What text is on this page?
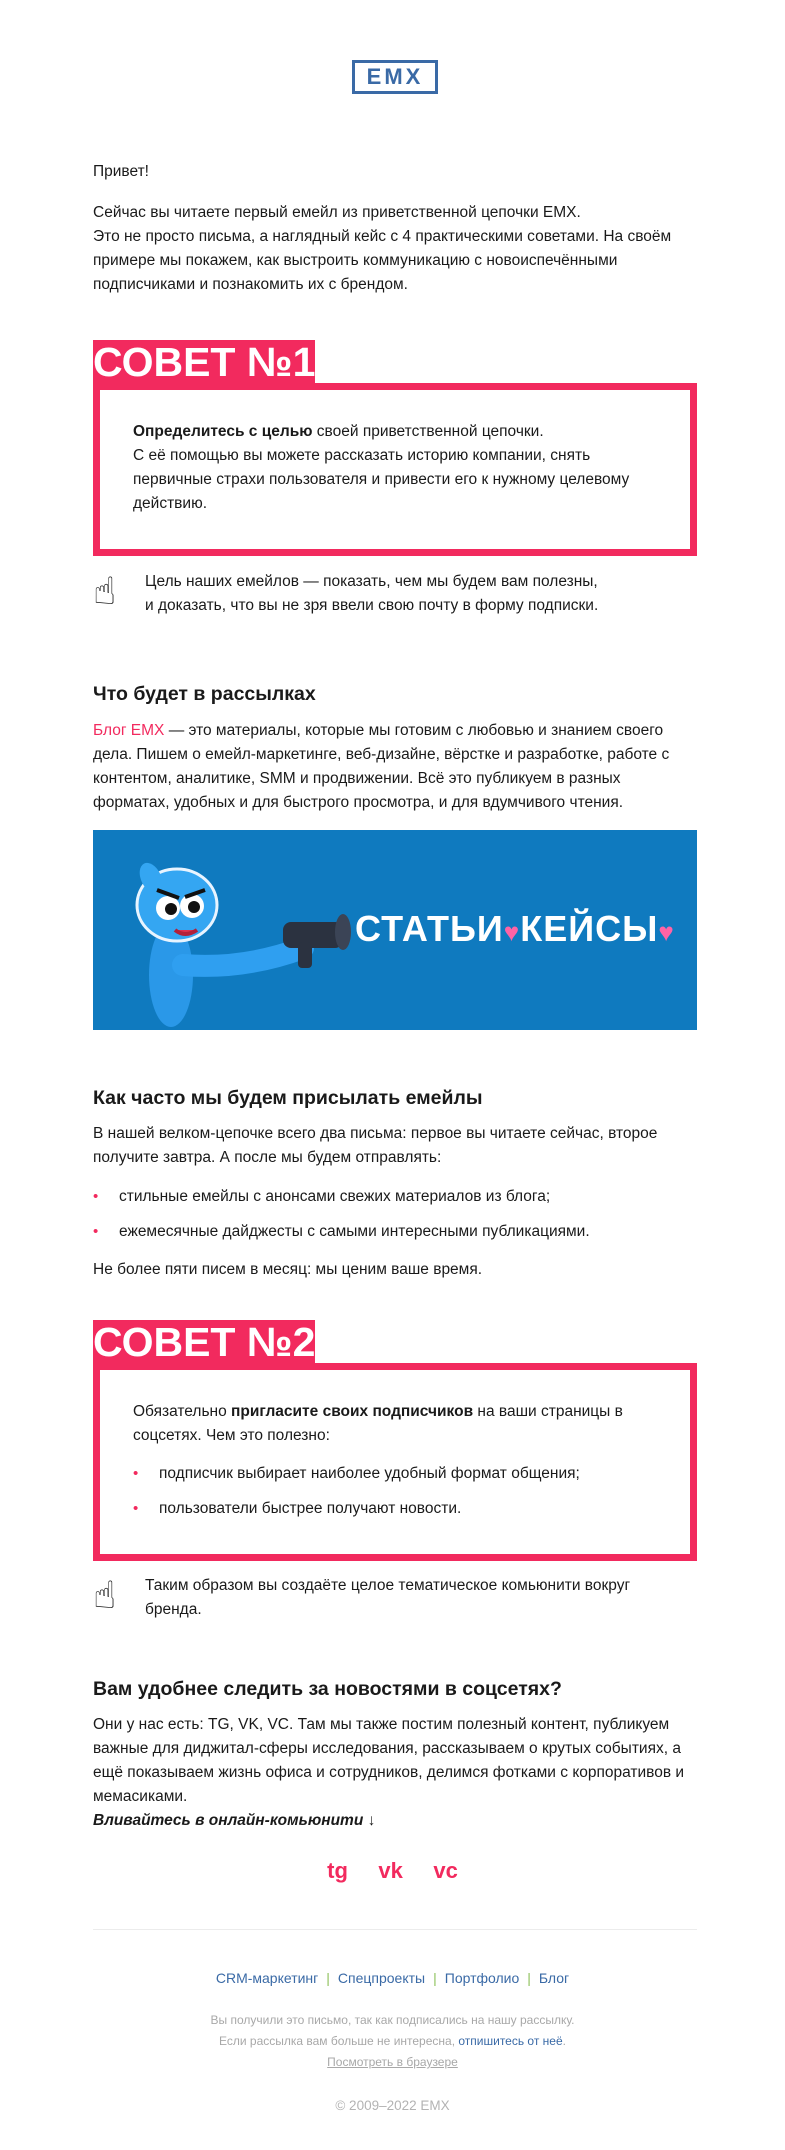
EMX

Привет!

Сейчас вы читаете первый емейл из приветственной цепочки EMX.

Это не просто письма, а наглядный кейс с 4 практическими советами. На своём примере мы покажем, как выстроить коммуникацию с новоиспечёнными подписчиками и познакомить их с брендом.

СОВЕТ №1
Определитесь с целью своей приветственной цепочки.
С её помощью вы можете рассказать историю компании, снять первичные страхи пользователя и привести его к нужному целевому действию.
☝	Цель наших емейлов — показать, чем мы будем вам полезны,
и доказать, что вы не зря ввели свою почту в форму подписки.
Что будет в рассылках

Блог EMX — это материалы, которые мы готовим с любовью и знанием своего дела. Пишем о емейл-маркетинге, веб-дизайне, вёрстке и разработке, работе с контентом, аналитике, SMM и продвижении. Всё это публикуем в разных форматах, удобных и для быстрого просмотра, и для вдумчивого чтения.

СТАТЬИ♥КЕЙСЫ♥
Как часто мы будем присылать емейлы

В нашей велком-цепочке всего два письма: первое вы читаете сейчас, второе получите завтра. А после мы будем отправлять:

• стильные емейлы с анонсами свежих материалов из блога;
• ежемесячные дайджесты с самыми интересными публикациями.

Не более пяти писем в месяц: мы ценим ваше время.

СОВЕТ №2
Обязательно пригласите своих подписчиков на ваши страницы в соцсетях. Чем это полезно:
• подписчик выбирает наиболее удобный формат общения;
• пользователи быстрее получают новости.
☝	Таким образом вы создаёте целое тематическое комьюнити вокруг бренда.
Вам удобнее следить за новостями в соцсетях?

Они у нас есть: TG, VK, VC. Там мы также постим полезный контент, публикуем важные для диджитал-сферы исследования, рассказываем о крутых событиях, а ещё показываем жизнь офиса и сотрудников, делимся фотками с корпоративов и мемасиками.

Вливайтесь в онлайн-комьюнити ↓

tg vk vc
CRM-маркетинг | Спецпроекты | Портфолио | Блог
Вы получили это письмо, так как подписались на нашу рассылку.
Если рассылка вам больше не интересна, отпишитесь от неё.
Посмотреть в браузере
© 2009–2022 EMX
